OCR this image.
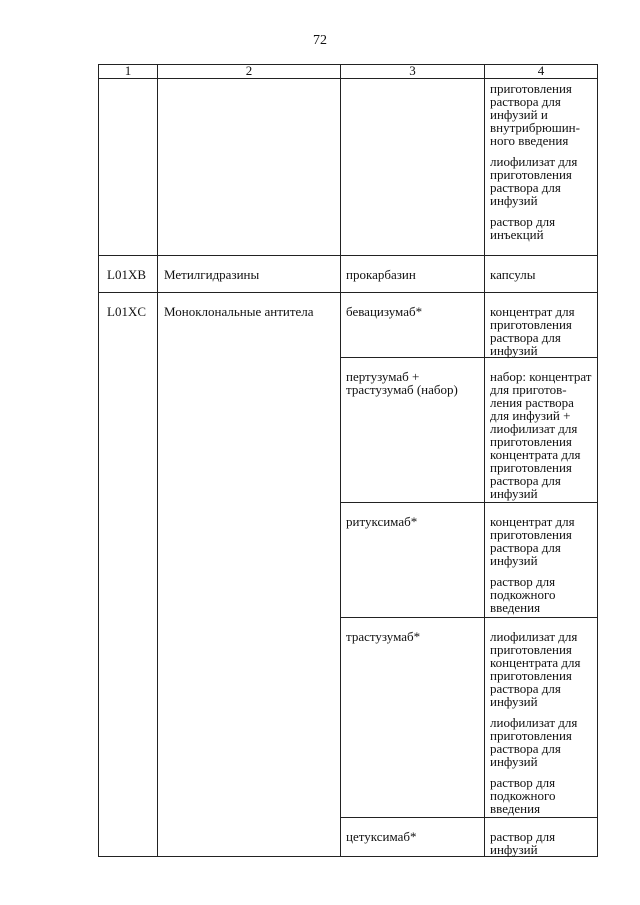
72
1	2	3	4

			приготовления раствора для инфузий и внутрибрюшин-ного введения
лиофилизат для приготовления раствора для инфузий
раствор для инъекций

L01XB	Метилгидразины	прокарбазин	капсулы

L01XC	Моноклональные антитела	бевацизумаб*	концентрат для приготовления раствора для инфузий

		пертузумаб + трастузумаб (набор)	набор: концентрат для приготов-ления раствора для инфузий + лиофилизат для приготовления концентрата для приготовления раствора для инфузий

		ритуксимаб*	концентрат для приготовления раствора для инфузий
раствор для подкожного введения

		трастузумаб*	лиофилизат для приготовления концентрата для приготовления раствора для инфузий
лиофилизат для приготовления раствора для инфузий
раствор для подкожного введения

		цетуксимаб*	раствор для инфузий
